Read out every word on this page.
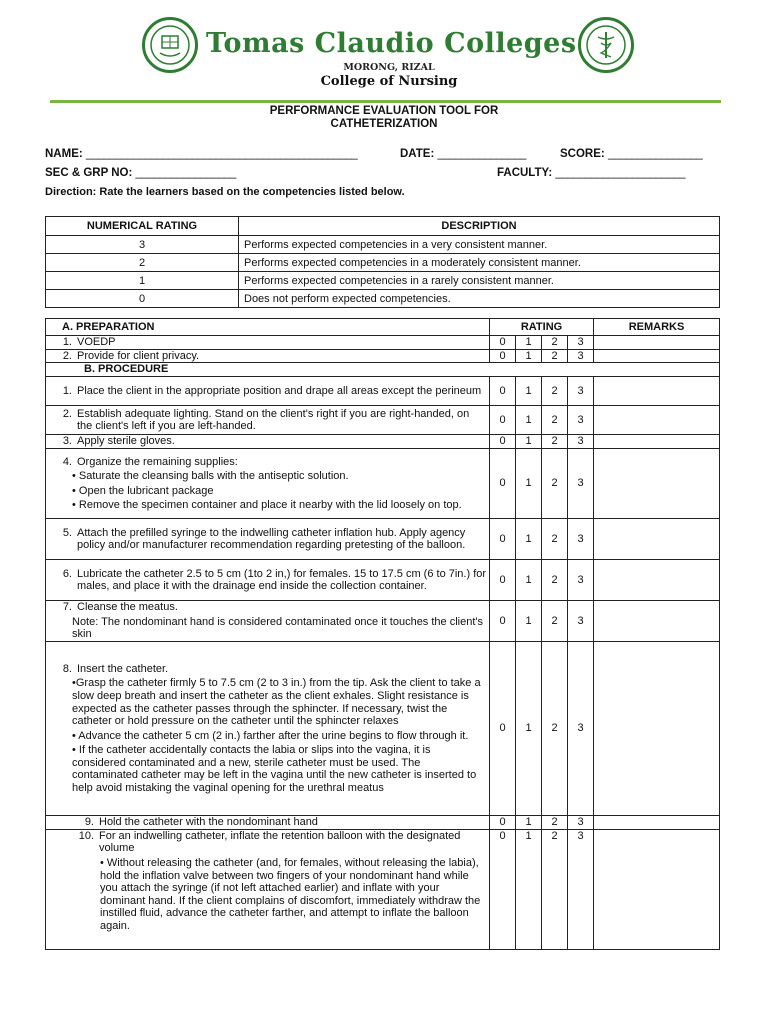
Tomas Claudio Colleges
MORONG, RIZAL
College of Nursing
PERFORMANCE EVALUATION TOOL FOR
CATHETERIZATION
NAME: ______________________________________________	DATE: _______________	SCORE: ________________
SEC & GRP NO: _________________	FACULTY: ______________________
Direction: Rate the learners based on the competencies listed below.
NUMERICAL RATING	DESCRIPTION
3	Performs expected competencies in a very consistent manner.
2	Performs expected competencies in a moderately consistent manner.
1	Performs expected competencies in a rarely consistent manner.
0	Does not perform expected competencies.
A. PREPARATION	RATING				REMARKS

1. VOEDP	0	1	2	3	

2. Provide for client privacy.	0	1	2	3	
B. PROCEDURE					

1. Place the client in the appropriate position and drape all areas except the perineum	0	1	2	3	

2. Establish adequate lighting. Stand on the client's right if you are right-handed, on the client's left if you are left-handed.	0	1	2	3	

3. Apply sterile gloves.	0	1	2	3	

4. Organize the remaining supplies:
• Saturate the cleansing balls with the antiseptic solution.
• Open the lubricant package
• Remove the specimen container and place it nearby with the lid loosely on top.	0	1	2	3	

5. Attach the prefilled syringe to the indwelling catheter inflation hub. Apply agency policy and/or manufacturer recommendation regarding pretesting of the balloon.	0	1	2	3	

6. Lubricate the catheter 2.5 to 5 cm (1to 2 in,) for females. 15 to 17.5 cm (6 to 7in.) for males, and place it with the drainage end inside the collection container.	0	1	2	3	

7. Cleanse the meatus.
Note: The nondominant hand is considered contaminated once it touches the client's skin	0	1	2	3	

8. Insert the catheter.
•Grasp the catheter firmly 5 to 7.5 cm (2 to 3 in.) from the tip. Ask the client to take a slow deep breath and insert the catheter as the client exhales. Slight resistance is expected as the catheter passes through the sphincter. If necessary, twist the catheter or hold pressure on the catheter until the sphincter relaxes
• Advance the catheter 5 cm (2 in.) farther after the urine begins to flow through it.
• If the catheter accidentally contacts the labia or slips into the vagina, it is considered contaminated and a new, sterile catheter must be used. The contaminated catheter may be left in the vagina until the new catheter is inserted to help avoid mistaking the vaginal opening for the urethral meatus	0	1	2	3	

9. Hold the catheter with the nondominant hand	0	1	2	3	

10. For an indwelling catheter, inflate the retention balloon with the designated volume
• Without releasing the catheter (and, for females, without releasing the labia), hold the inflation valve between two fingers of your nondominant hand while you attach the syringe (if not left attached earlier) and inflate with your dominant hand. If the client complains of discomfort, immediately withdraw the instilled fluid, advance the catheter farther, and attempt to inflate the balloon again.	0	1	2	3	
